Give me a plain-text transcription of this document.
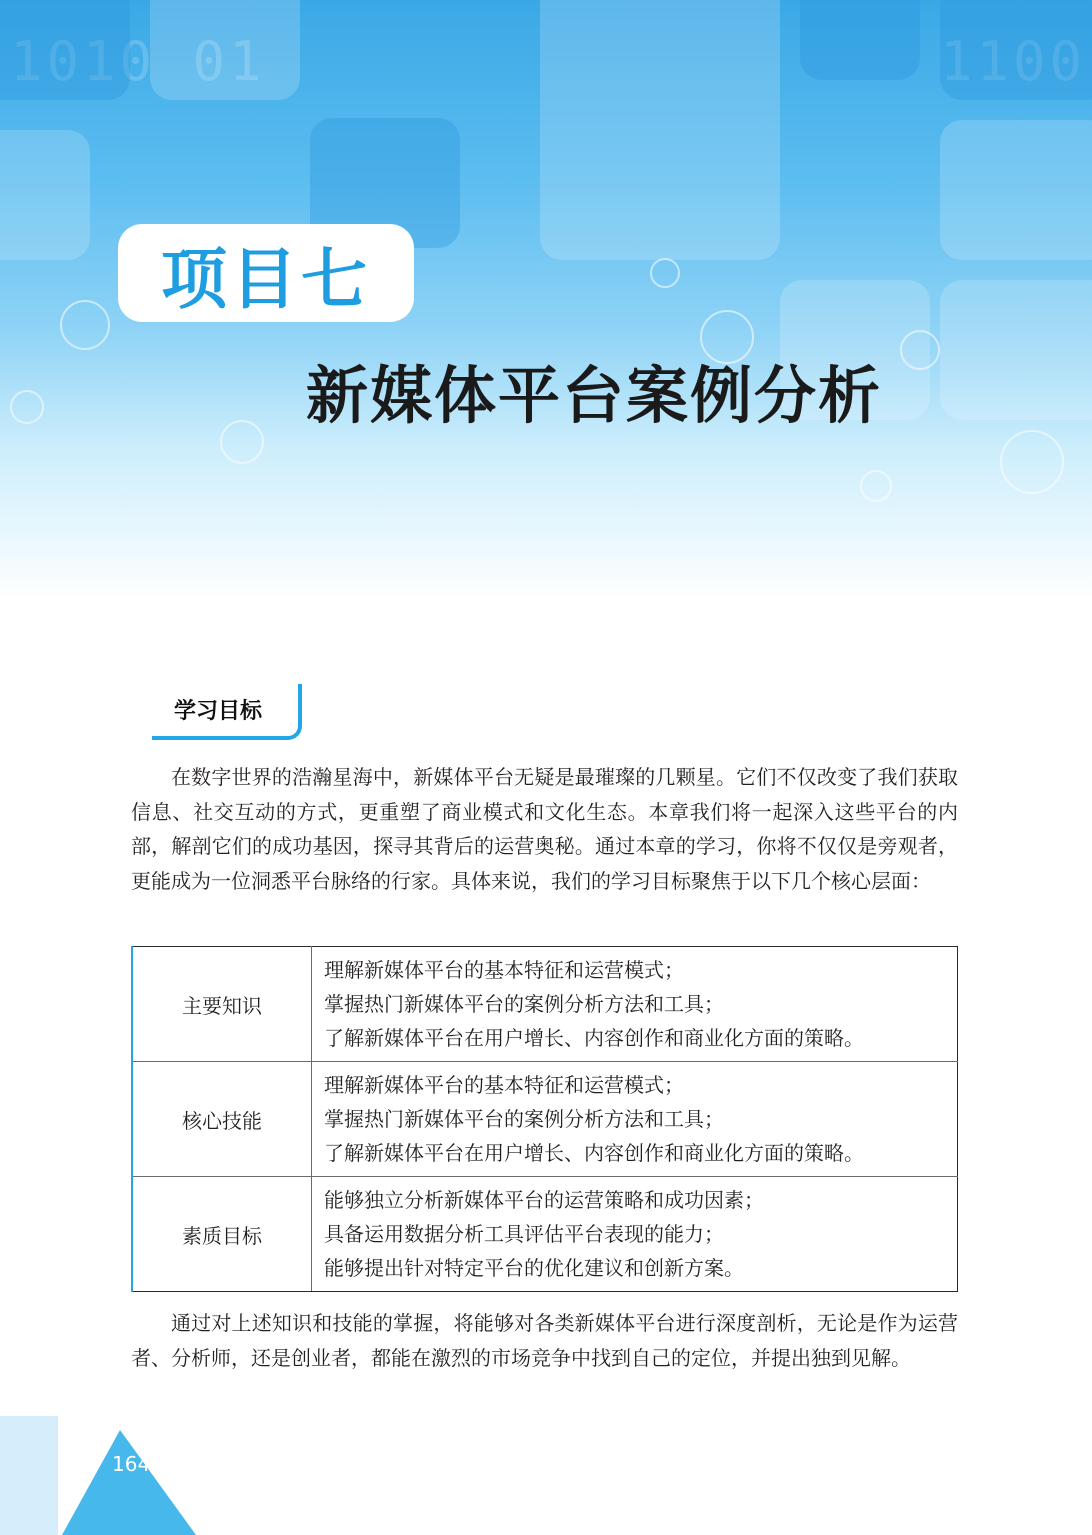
1010 01	1100
项目七
新媒体平台案例分析
学习目标

在数字世界的浩瀚星海中，新媒体平台无疑是最璀璨的几颗星。它们不仅改变了我们获取信息、社交互动的方式，更重塑了商业模式和文化生态。本章我们将一起深入这些平台的内部，解剖它们的成功基因，探寻其背后的运营奥秘。通过本章的学习，你将不仅仅是旁观者，更能成为一位洞悉平台脉络的行家。具体来说，我们的学习目标聚焦于以下几个核心层面：

主要知识	理解新媒体平台的基本特征和运营模式；
掌握热门新媒体平台的案例分析方法和工具；
了解新媒体平台在用户增长、内容创作和商业化方面的策略。

核心技能	理解新媒体平台的基本特征和运营模式；
掌握热门新媒体平台的案例分析方法和工具；
了解新媒体平台在用户增长、内容创作和商业化方面的策略。

素质目标	能够独立分析新媒体平台的运营策略和成功因素；
具备运用数据分析工具评估平台表现的能力；
能够提出针对特定平台的优化建议和创新方案。

通过对上述知识和技能的掌握，将能够对各类新媒体平台进行深度剖析，无论是作为运营者、分析师，还是创业者，都能在激烈的市场竞争中找到自己的定位，并提出独到见解。

164
